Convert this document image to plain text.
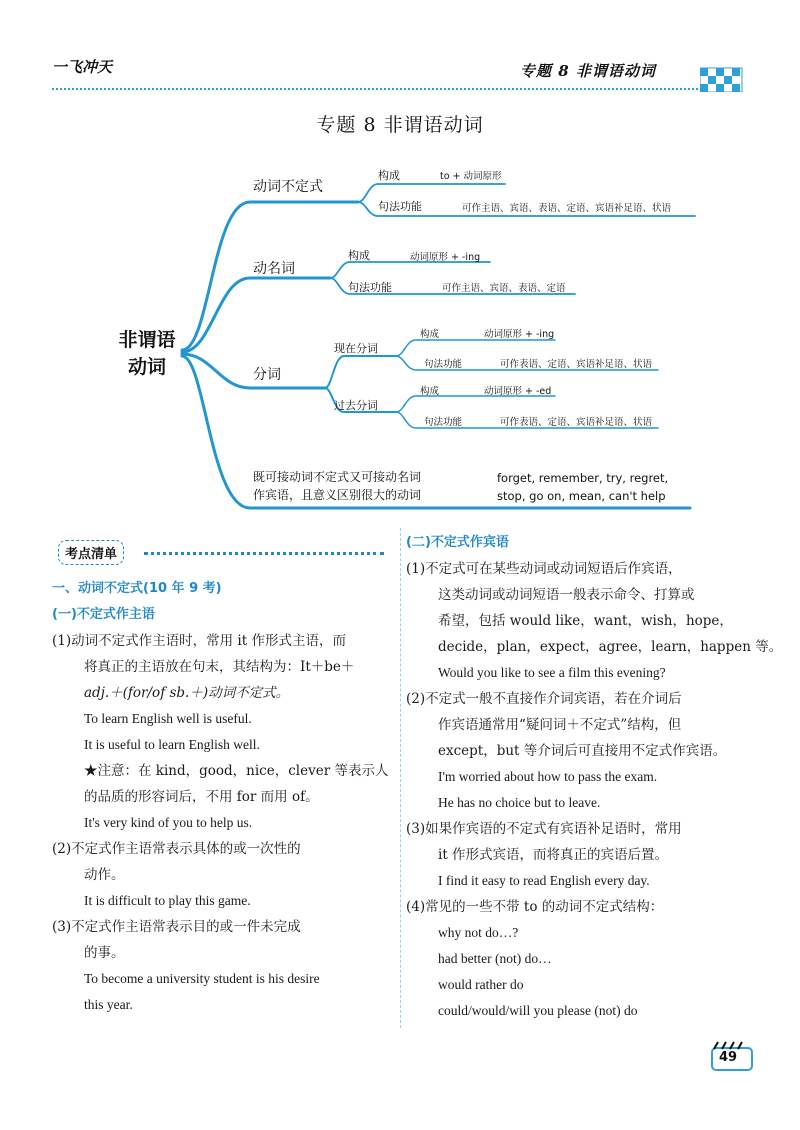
一飞冲天	专题 8 非谓语动词
专题 8 非谓语动词
非谓语
动词
动词不定式
构成	to + 动词原形
句法功能	可作主语、宾语、表语、定语、宾语补足语、状语
动名词
构成	动词原形 + -ing
句法功能	可作主语、宾语、表语、定语
分词
现在分词
构成	动词原形 + -ing
句法功能	可作表语、定语、宾语补足语、状语
过去分词
构成	动词原形 + -ed
句法功能	可作表语、定语、宾语补足语、状语
既可接动词不定式又可接动名词
作宾语，且意义区别很大的动词
forget, remember, try, regret,
stop, go on, mean, can't help
考点清单
一、动词不定式(10 年 9 考)
(一)不定式作主语
(1)动词不定式作主语时，常用 it 作形式主语，而
将真正的主语放在句末，其结构为：It＋be＋
adj.＋(for/of sb.＋)动词不定式。
To learn English well is useful.
It is useful to learn English well.
★注意：在 kind，good，nice，clever 等表示人
的品质的形容词后，不用 for 而用 of。
It's very kind of you to help us.
(2)不定式作主语常表示具体的或一次性的
动作。
It is difficult to play this game.
(3)不定式作主语常表示目的或一件未完成
的事。
To become a university student is his desire
this year.
(二)不定式作宾语
(1)不定式可在某些动词或动词短语后作宾语，
这类动词或动词短语一般表示命令、打算或
希望，包括 would like，want，wish，hope，
decide，plan，expect，agree，learn，happen 等。
Would you like to see a film this evening?
(2)不定式一般不直接作介词宾语，若在介词后
作宾语通常用“疑问词＋不定式”结构，但
except，but 等介词后可直接用不定式作宾语。
I'm worried about how to pass the exam.
He has no choice but to leave.
(3)如果作宾语的不定式有宾语补足语时，常用
it 作形式宾语，而将真正的宾语后置。
I find it easy to read English every day.
(4)常见的一些不带 to 的动词不定式结构：
why not do…?
had better (not) do…
would rather do
could/would/will you please (not) do
49
